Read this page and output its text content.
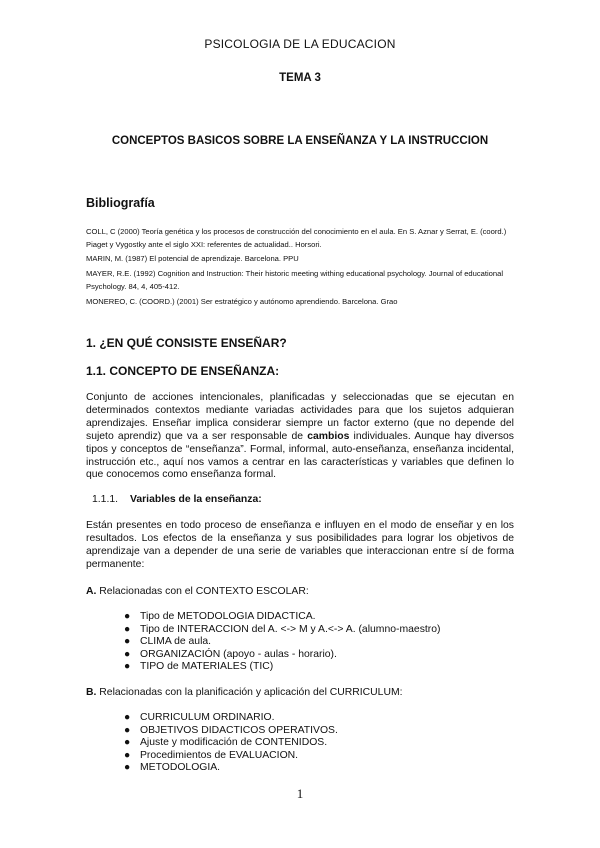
PSICOLOGIA DE LA EDUCACION
TEMA 3
CONCEPTOS BASICOS SOBRE LA ENSEÑANZA Y LA INSTRUCCION
Bibliografía

COLL, C (2000) Teoría genética y los procesos de construcción del conocimiento en el aula. En S. Aznar y Serrat, E. (coord.) Piaget y Vygostky ante el siglo XXI: referentes de actualidad.. Horsori.

MARIN, M. (1987) El potencial de aprendizaje. Barcelona. PPU

MAYER, R.E. (1992) Cognition and Instruction: Their historic meeting withing educational psychology. Journal of educational Psychology. 84, 4, 405-412.

MONEREO, C. (COORD.) (2001) Ser estratégico y autónomo aprendiendo. Barcelona. Grao

1. ¿EN QUÉ CONSISTE ENSEÑAR?
1.1. CONCEPTO DE ENSEÑANZA:
Conjunto de acciones intencionales, planificadas y seleccionadas que se ejecutan en determinados contextos mediante variadas actividades para que los sujetos adquieran aprendizajes. Enseñar implica considerar siempre un factor externo (que no depende del sujeto aprendiz) que va a ser responsable de cambios individuales. Aunque hay diversos tipos y conceptos de “enseñanza”. Formal, informal, auto-enseñanza, enseñanza incidental, instrucción etc., aquí nos vamos a centrar en las características y variables que definen lo que conocemos como enseñanza formal.
1.1.1. Variables de la enseñanza:
Están presentes en todo proceso de enseñanza e influyen en el modo de enseñar y en los resultados. Los efectos de la enseñanza y sus posibilidades para lograr los objetivos de aprendizaje van a depender de una serie de variables que interaccionan entre sí de forma permanente:
A. Relacionadas con el CONTEXTO ESCOLAR:
● Tipo de METODOLOGIA DIDACTICA.
● Tipo de INTERACCION del A. <-> M y A.<-> A. (alumno-maestro)
● CLIMA de aula.
● ORGANIZACIÓN (apoyo - aulas - horario).
● TIPO de MATERIALES (TIC)
B. Relacionadas con la planificación y aplicación del CURRICULUM:
● CURRICULUM ORDINARIO.
● OBJETIVOS DIDACTICOS OPERATIVOS.
● Ajuste y modificación de CONTENIDOS.
● Procedimientos de EVALUACION.
● METODOLOGIA.
1
